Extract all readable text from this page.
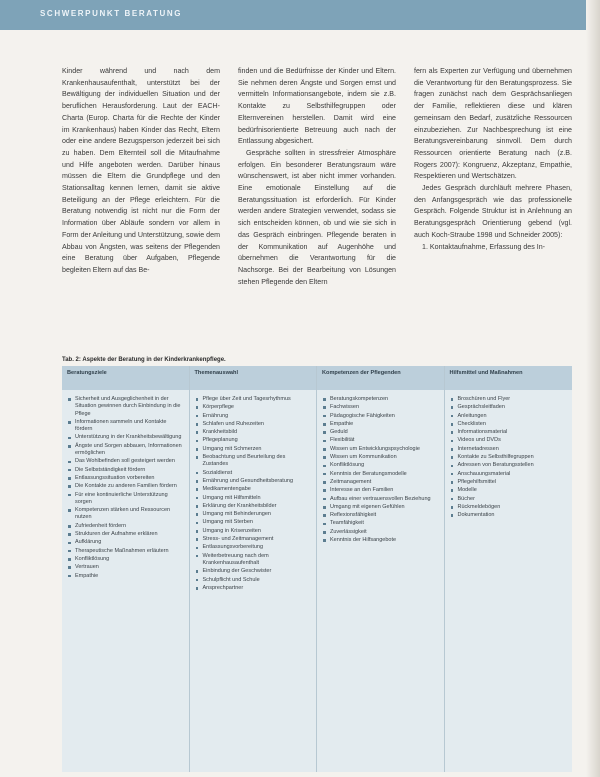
SCHWERPUNKT BERATUNG

Kinder während und nach dem Krankenhausaufenthalt, unterstützt bei der Bewältigung der individuellen Situation und der beruflichen Herausforderung. Laut der EACH-Charta (Europ. Charta für die Rechte der Kinder im Krankenhaus) haben Kinder das Recht, Eltern oder eine andere Bezugsperson jederzeit bei sich zu haben. Dem Elternteil soll die Mitaufnahme und Hilfe angeboten werden. Darüber hinaus müssen die Eltern die Grundpflege und den Stationsalltag kennen lernen, damit sie aktive Beteiligung an der Pflege erleichtern. Für die Beratung notwendig ist nicht nur die Form der Information über Abläufe sondern vor allem in Form der Anleitung und Unterstützung, sowie dem Abbau von Ängsten, was seitens der Pflegenden eine Beratung über Aufgaben, Pflegende begleiten Eltern auf das Be-

finden und die Bedürfnisse der Kinder und Eltern. Sie nehmen deren Ängste und Sorgen ernst und vermitteln Informationsangebote, indem sie z.B. Kontakte zu Selbsthilfegruppen oder Elternvereinen herstellen. Damit wird eine bedürfnisorientierte Betreuung auch nach der Entlassung abgesichert.

Gespräche sollten in stressfreier Atmosphäre erfolgen. Ein besonderer Beratungsraum wäre wünschenswert, ist aber nicht immer vorhanden. Eine emotionale Einstellung auf die Beratungssituation ist erforderlich. Für Kinder werden andere Strategien verwendet, sodass sie sich entscheiden können, ob und wie sie sich in das Gespräch einbringen. Pflegende beraten in der Kommunikation auf Augenhöhe und übernehmen die Verantwortung für die Nachsorge. Bei der Bearbeitung von Lösungen stehen Pflegende den Eltern

fern als Experten zur Verfügung und übernehmen die Verantwortung für den Beratungsprozess. Sie fragen zunächst nach dem Gesprächsanliegen der Familie, reflektieren diese und klären gemeinsam den Bedarf, zusätzliche Ressourcen einzubeziehen. Zur Nachbesprechung ist eine Beratungsvereinbarung sinnvoll. Dem durch Ressourcen orientierte Beratung nach (z.B. Rogers 2007): Kongruenz, Akzeptanz, Empathie, Respektieren und Wertschätzen.

Jedes Gespräch durchläuft mehrere Phasen, den Anfangsgespräch wie das professionelle Gespräch. Folgende Struktur ist in Anlehnung an Beratungsgespräch Orientierung gebend (vgl. auch Koch-Straube 1998 und Schneider 2005):

1. Kontaktaufnahme, Erfassung des In-

Tab. 2: Aspekte der Beratung in der Kinderkrankenpflege.
Beratungsziele
Sicherheit und Ausgeglichenheit in der Situation gewinnen durch Einbindung in die Pflege
Informationen sammeln und Kontakte fördern
Unterstützung in der Krankheitsbewältigung
Ängste und Sorgen abbauen, Informationen ermöglichen
Das Wohlbefinden soll gesteigert werden
Die Selbstständigkeit fördern
Entlassungssituation vorbereiten
Die Kontakte zu anderen Familien fördern
Für eine kontinuierliche Unterstützung sorgen
Kompetenzen stärken und Ressourcen nutzen
Zufriedenheit fördern
Strukturen der Aufnahme erklären
Aufklärung
Therapeutische Maßnahmen erläutern
Konfliktlösung
Vertrauen
Empathie
Themenauswahl
Pflege über Zeit und Tagesrhythmus
Körperpflege
Ernährung
Schlafen und Ruhezeiten
Krankheitsbild
Pflegeplanung
Umgang mit Schmerzen
Beobachtung und Beurteilung des Zustandes
Sozialdienst
Ernährung und Gesundheitsberatung
Medikamentengabe
Umgang mit Hilfsmitteln
Erklärung der Krankheitsbilder
Umgang mit Behinderungen
Umgang mit Sterben
Umgang in Krisenzeiten
Stress- und Zeitmanagement
Entlassungsvorbereitung
Weiterbetreuung nach dem Krankenhausaufenthalt
Einbindung der Geschwister
Schulpflicht und Schule
Ansprechpartner
Kompetenzen der Pflegenden
Beratungskompetenzen
Fachwissen
Pädagogische Fähigkeiten
Empathie
Geduld
Flexibilität
Wissen um Entwicklungspsychologie
Wissen um Kommunikation
Konfliktlösung
Kenntnis der Beratungsmodelle
Zeitmanagement
Interesse an den Familien
Aufbau einer vertrauensvollen Beziehung
Umgang mit eigenen Gefühlen
Reflexionsfähigkeit
Teamfähigkeit
Zuverlässigkeit
Kenntnis der Hilfsangebote
Hilfsmittel und Maßnahmen
Broschüren und Flyer
Gesprächsleitfaden
Anleitungen
Checklisten
Informationsmaterial
Videos und DVDs
Internetadressen
Kontakte zu Selbsthilfegruppen
Adressen von Beratungsstellen
Anschauungsmaterial
Pflegehilfsmittel
Modelle
Bücher
Rückmeldebögen
Dokumentation
